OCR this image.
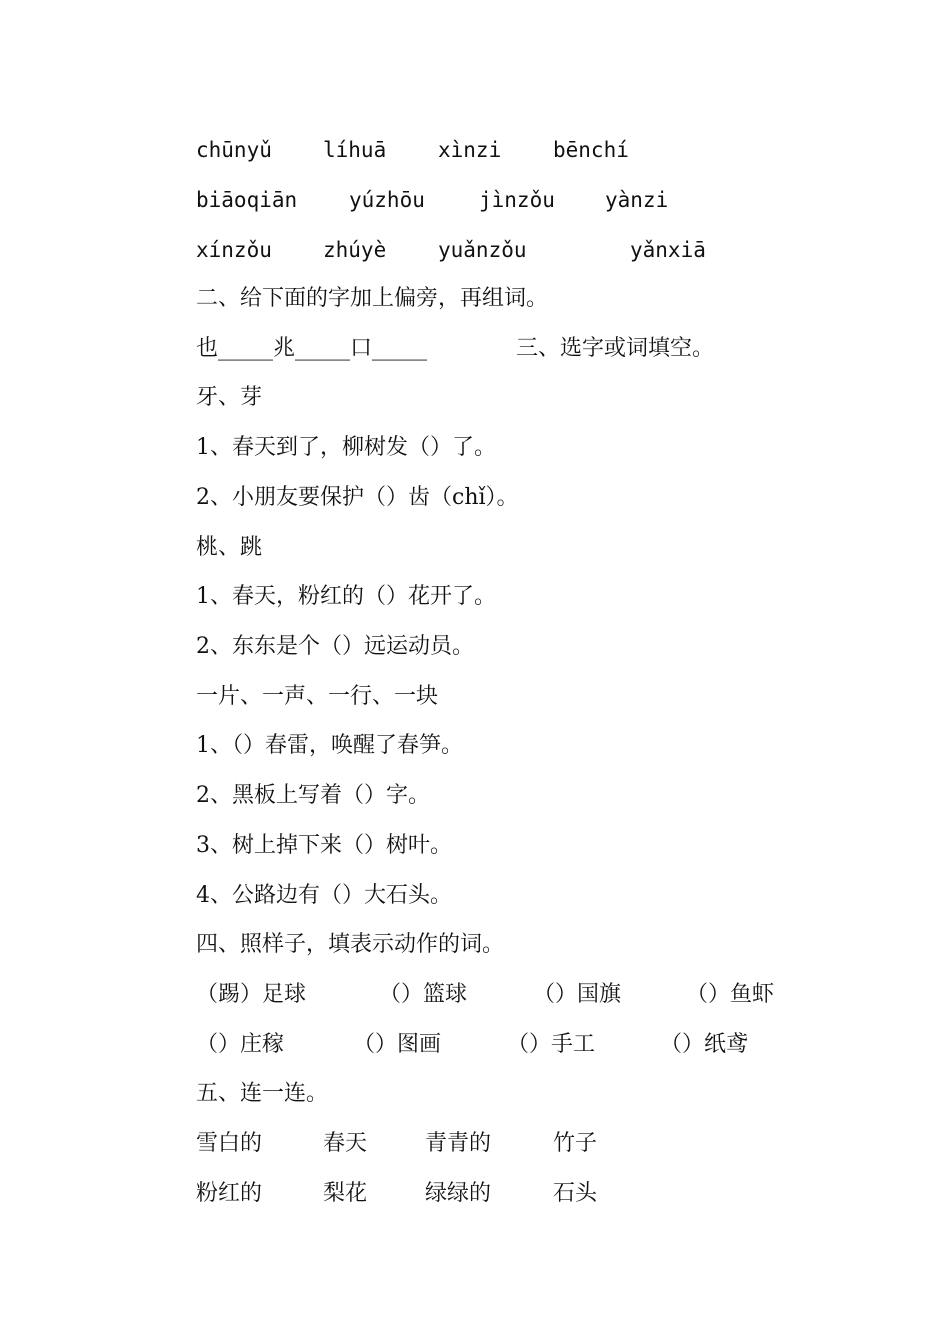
chūnyǔ líhuā xìnzi bēnchí
biāoqiān yúzhōu	jìnzǒu yànzi
xínzǒu zhúyè yuǎnzǒu	yǎnxiā
二、给下面的字加上偏旁，再组词。
也_____兆_____口_____	三、选字或词填空。
牙、芽
1、春天到了，柳树发（）了。
2、小朋友要保护（）齿（chǐ）。
桃、跳
1、春天，粉红的（）花开了。
2、东东是个（）远运动员。
一片、一声、一行、一块
1、（）春雷，唤醒了春笋。
2、黑板上写着（）字。
3、树上掉下来（）树叶。
4、公路边有（）大石头。
四、照样子，填表示动作的词。
（踢）足球	（）篮球	（）国旗	（）鱼虾
（）庄稼	（）图画	（）手工	（）纸鸢
五、连一连。
雪白的	春天	青青的	竹子
粉红的	梨花	绿绿的	石头
